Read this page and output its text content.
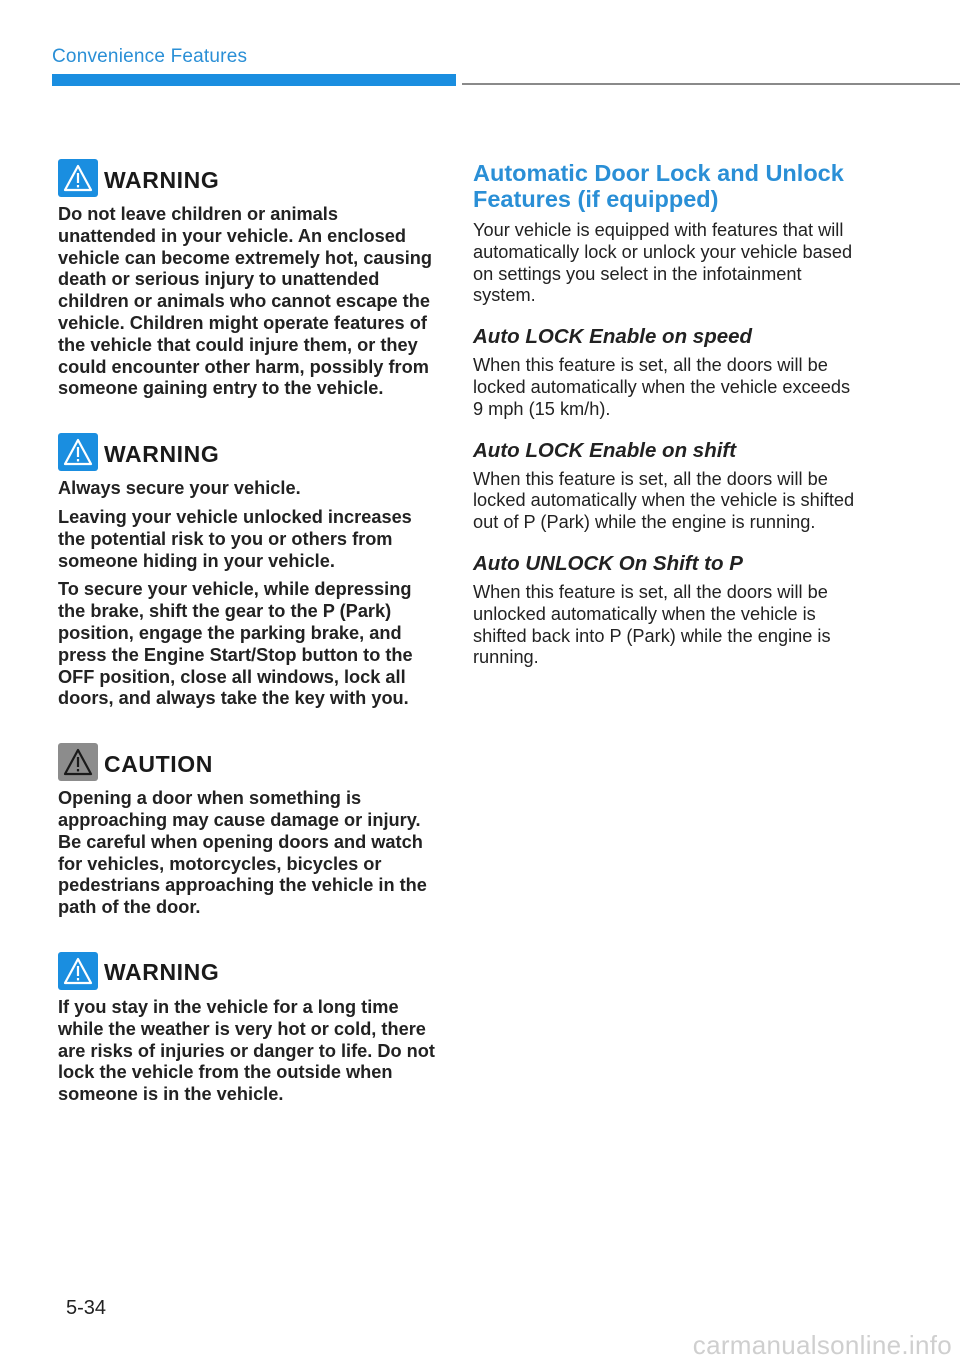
Convenience Features
WARNING

Do not leave children or animals unattended in your vehicle. An enclosed vehicle can become extremely hot, causing death or serious injury to unattended children or animals who cannot escape the vehicle. Children might operate features of the vehicle that could injure them, or they could encounter other harm, possibly from someone gaining entry to the vehicle.

WARNING

Always secure your vehicle.

Leaving your vehicle unlocked increases the potential risk to you or others from someone hiding in your vehicle.

To secure your vehicle, while depressing the brake, shift the gear to the P (Park) position, engage the parking brake, and press the Engine Start/Stop button to the OFF position, close all windows, lock all doors, and always take the key with you.

CAUTION

Opening a door when something is approaching may cause damage or injury. Be careful when opening doors and watch for vehicles, motorcycles, bicycles or pedestrians approaching the vehicle in the path of the door.

WARNING

If you stay in the vehicle for a long time while the weather is very hot or cold, there are risks of injuries or danger to life. Do not lock the vehicle from the outside when someone is in the vehicle.

Automatic Door Lock and Unlock Features (if equipped)

Your vehicle is equipped with features that will automatically lock or unlock your vehicle based on settings you select in the infotainment system.

Auto LOCK Enable on speed

When this feature is set, all the doors will be locked automatically when the vehicle exceeds 9 mph (15 km/h).

Auto LOCK Enable on shift

When this feature is set, all the doors will be locked automatically when the vehicle is shifted out of P (Park) while the engine is running.

Auto UNLOCK On Shift to P

When this feature is set, all the doors will be unlocked automatically when the vehicle is shifted back into P (Park) while the engine is running.

5-34
carmanualsonline.info
